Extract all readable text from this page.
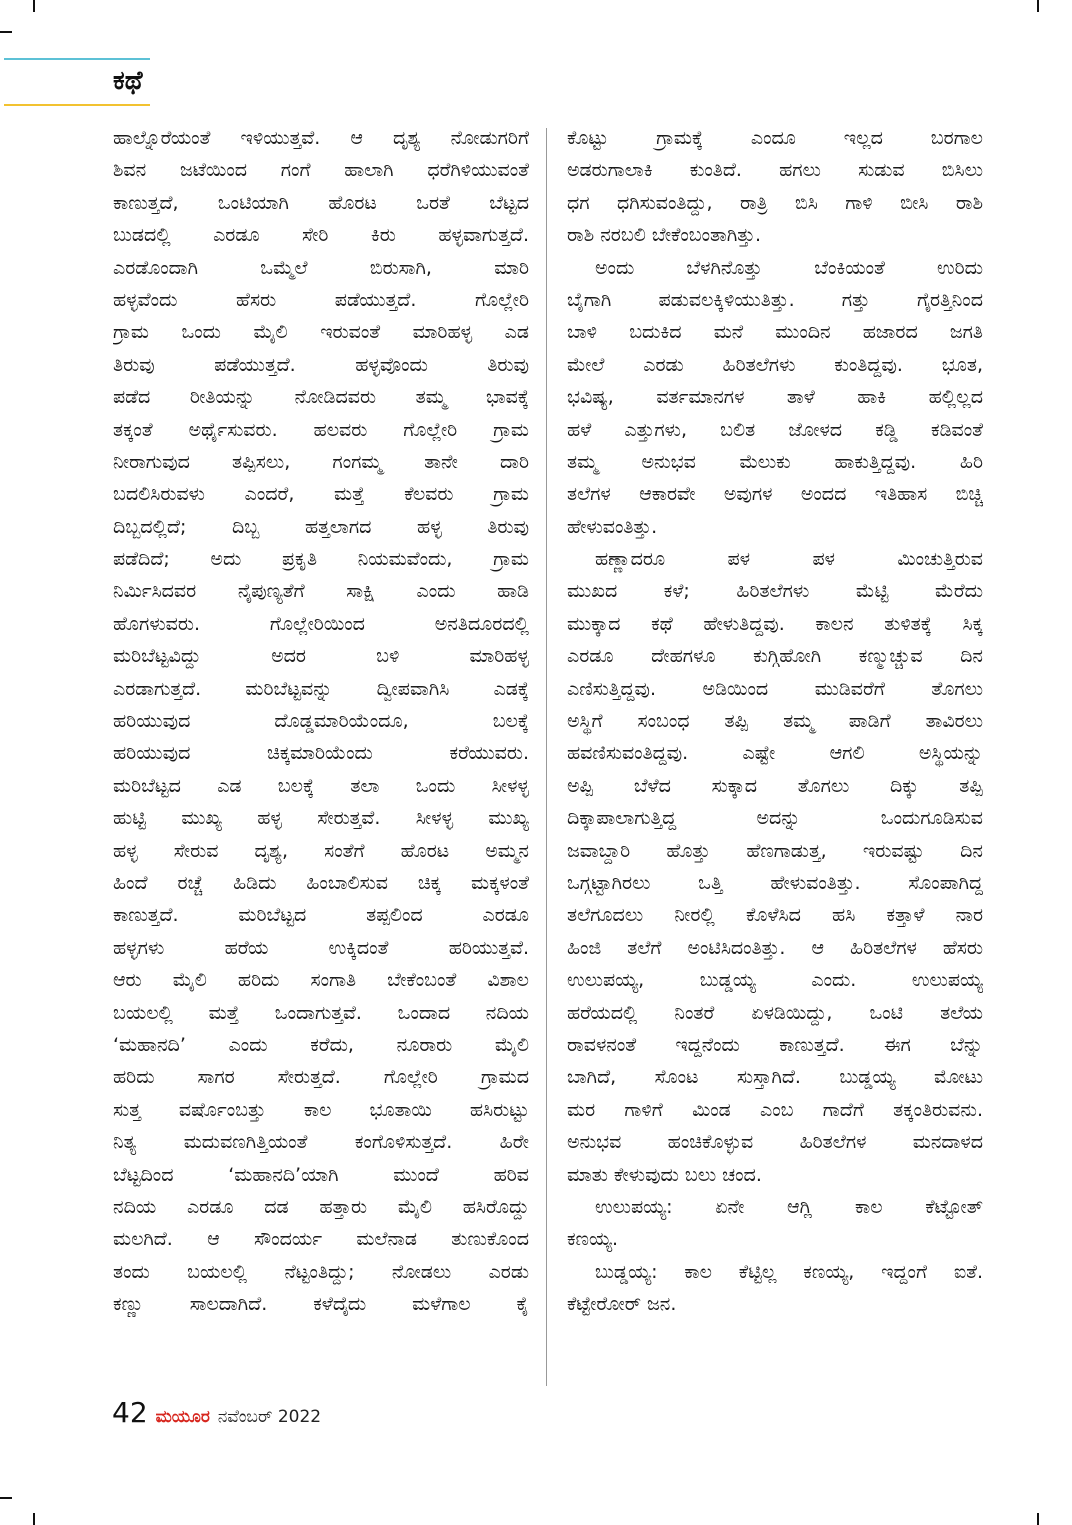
ಕಥೆ
ಹಾಲ್ನೊರೆಯಂತೆ ಇಳಿಯುತ್ತವೆ. ಆ ದೃಶ್ಯ ನೋಡುಗರಿಗೆ
ಶಿವನ ಜಟೆಯಿಂದ ಗಂಗೆ ಹಾಲಾಗಿ ಧರೆಗಿಳಿಯುವಂತೆ
ಕಾಣುತ್ತದೆ, ಒಂಟಿಯಾಗಿ ಹೊರಟ ಒರತೆ ಬೆಟ್ಟದ
ಬುಡದಲ್ಲಿ ಎರಡೂ ಸೇರಿ ಕಿರು ಹಳ್ಳವಾಗುತ್ತದೆ.
ಎರಡೊಂದಾಗಿ ಒಮ್ಮೆಲೆ ಬಿರುಸಾಗಿ, ಮಾರಿ
ಹಳ್ಳವೆಂದು ಹೆಸರು ಪಡೆಯುತ್ತದೆ. ಗೊಲ್ಲೇರಿ
ಗ್ರಾಮ ಒಂದು ಮೈಲಿ ಇರುವಂತೆ ಮಾರಿಹಳ್ಳ ಎಡ
ತಿರುವು ಪಡೆಯುತ್ತದೆ. ಹಳ್ಳವೊಂದು ತಿರುವು
ಪಡೆದ ರೀತಿಯನ್ನು ನೋಡಿದವರು ತಮ್ಮ ಭಾವಕ್ಕೆ
ತಕ್ಕಂತೆ ಅರ್ಥೈಸುವರು. ಹಲವರು ಗೊಲ್ಲೇರಿ ಗ್ರಾಮ
ನೀರಾಗುವುದ ತಪ್ಪಿಸಲು, ಗಂಗಮ್ಮ ತಾನೇ ದಾರಿ
ಬದಲಿಸಿರುವಳು ಎಂದರೆ, ಮತ್ತೆ ಕೆಲವರು ಗ್ರಾಮ
ದಿಬ್ಬದಲ್ಲಿದೆ; ದಿಬ್ಬ ಹತ್ತಲಾಗದ ಹಳ್ಳ ತಿರುವು
ಪಡೆದಿದೆ; ಅದು ಪ್ರಕೃತಿ ನಿಯಮವೆಂದು, ಗ್ರಾಮ
ನಿರ್ಮಿಸಿದವರ ನೈಪುಣ್ಯತೆಗೆ ಸಾಕ್ಷಿ ಎಂದು ಹಾಡಿ
ಹೊಗಳುವರು. ಗೊಲ್ಲೇರಿಯಿಂದ ಅನತಿದೂರದಲ್ಲಿ
ಮರಿಬೆಟ್ಟವಿದ್ದು ಅದರ ಬಳಿ ಮಾರಿಹಳ್ಳ
ಎರಡಾಗುತ್ತದೆ. ಮರಿಬೆಟ್ಟವನ್ನು ದ್ವೀಪವಾಗಿಸಿ ಎಡಕ್ಕೆ
ಹರಿಯುವುದ ದೊಡ್ಡಮಾರಿಯೆಂದೂ, ಬಲಕ್ಕೆ
ಹರಿಯುವುದ ಚಿಕ್ಕಮಾರಿಯೆಂದು ಕರೆಯುವರು.
ಮರಿಬೆಟ್ಟದ ಎಡ ಬಲಕ್ಕೆ ತಲಾ ಒಂದು ಸೀಳಳ್ಳ
ಹುಟ್ಟಿ ಮುಖ್ಯ ಹಳ್ಳ ಸೇರುತ್ತವೆ. ಸೀಳಳ್ಳ ಮುಖ್ಯ
ಹಳ್ಳ ಸೇರುವ ದೃಶ್ಯ, ಸಂತೆಗೆ ಹೊರಟ ಅಮ್ಮನ
ಹಿಂದೆ ರಚ್ಚೆ ಹಿಡಿದು ಹಿಂಬಾಲಿಸುವ ಚಿಕ್ಕ ಮಕ್ಕಳಂತೆ
ಕಾಣುತ್ತದೆ. ಮರಿಬೆಟ್ಟದ ತಪ್ಪಲಿಂದ ಎರಡೂ
ಹಳ್ಳಗಳು ಹರೆಯ ಉಕ್ಕಿದಂತೆ ಹರಿಯುತ್ತವೆ.
ಆರು ಮೈಲಿ ಹರಿದು ಸಂಗಾತಿ ಬೇಕೆಂಬಂತೆ ವಿಶಾಲ
ಬಯಲಲ್ಲಿ ಮತ್ತೆ ಒಂದಾಗುತ್ತವೆ. ಒಂದಾದ ನದಿಯ
‘ಮಹಾನದಿ’ ಎಂದು ಕರೆದು, ನೂರಾರು ಮೈಲಿ
ಹರಿದು ಸಾಗರ ಸೇರುತ್ತದೆ. ಗೊಲ್ಲೇರಿ ಗ್ರಾಮದ
ಸುತ್ತ ವರ್ಷೊಂಬತ್ತು ಕಾಲ ಭೂತಾಯಿ ಹಸಿರುಟ್ಟು
ನಿತ್ಯ ಮದುವಣಗಿತ್ತಿಯಂತೆ ಕಂಗೊಳಿಸುತ್ತದೆ. ಹಿರೇ
ಬೆಟ್ಟದಿಂದ ‘ಮಹಾನದಿ’ಯಾಗಿ ಮುಂದೆ ಹರಿವ
ನದಿಯ ಎರಡೂ ದಡ ಹತ್ತಾರು ಮೈಲಿ ಹಸಿರೊದ್ದು
ಮಲಗಿದೆ. ಆ ಸೌಂದರ್ಯ ಮಲೆನಾಡ ತುಣುಕೊಂದ
ತಂದು ಬಯಲಲ್ಲಿ ನೆಟ್ಟಂತಿದ್ದು; ನೋಡಲು ಎರಡು
ಕಣ್ಣು ಸಾಲದಾಗಿದೆ. ಕಳೆದೈದು ಮಳೆಗಾಲ ಕೈ
ಕೊಟ್ಟು ಗ್ರಾಮಕ್ಕೆ ಎಂದೂ ಇಲ್ಲದ ಬರಗಾಲ
ಅಡರುಗಾಲಾಕಿ ಕುಂತಿದೆ. ಹಗಲು ಸುಡುವ ಬಿಸಿಲು
ಧಗ ಧಗಿಸುವಂತಿದ್ದು, ರಾತ್ರಿ ಬಿಸಿ ಗಾಳಿ ಬೀಸಿ ರಾಶಿ
ರಾಶಿ ನರಬಲಿ ಬೇಕೆಂಬಂತಾಗಿತ್ತು.
ಅಂದು ಬೆಳಗಿನೊತ್ತು ಬೆಂಕಿಯಂತೆ ಉರಿದು
ಬೈಗಾಗಿ ಪಡುವಲಕ್ಕಿಳಿಯುತಿತ್ತು. ಗತ್ತು ಗೈರತ್ತಿನಿಂದ
ಬಾಳಿ ಬದುಕಿದ ಮನೆ ಮುಂದಿನ ಹಜಾರದ ಜಗತಿ
ಮೇಲೆ ಎರಡು ಹಿರಿತಲೆಗಳು ಕುಂತಿದ್ದವು. ಭೂತ,
ಭವಿಷ್ಯ, ವರ್ತಮಾನಗಳ ತಾಳೆ ಹಾಕಿ ಹಲ್ಲಿಲ್ಲದ
ಹಳೆ ಎತ್ತುಗಳು, ಬಲಿತ ಜೋಳದ ಕಡ್ಡಿ ಕಡಿವಂತೆ
ತಮ್ಮ ಅನುಭವ ಮೆಲುಕು ಹಾಕುತ್ತಿದ್ದವು. ಹಿರಿ
ತಲೆಗಳ ಆಕಾರವೇ ಅವುಗಳ ಅಂದದ ಇತಿಹಾಸ ಬಿಚ್ಚಿ
ಹೇಳುವಂತಿತ್ತು.
ಹಣ್ಣಾದರೂ ಪಳ ಪಳ ಮಿಂಚುತ್ತಿರುವ
ಮುಖದ ಕಳೆ; ಹಿರಿತಲೆಗಳು ಮೆಟ್ಟಿ ಮೆರೆದು
ಮುಕ್ಕಾದ ಕಥೆ ಹೇಳುತಿದ್ದವು. ಕಾಲನ ತುಳಿತಕ್ಕೆ ಸಿಕ್ಕ
ಎರಡೂ ದೇಹಗಳೂ ಕುಗ್ಗಿಹೋಗಿ ಕಣ್ಮುಚ್ಚುವ ದಿನ
ಎಣಿಸುತ್ತಿದ್ದವು. ಅಡಿಯಿಂದ ಮುಡಿವರೆಗೆ ತೊಗಲು
ಅಸ್ಥಿಗೆ ಸಂಬಂಧ ತಪ್ಪಿ ತಮ್ಮ ಪಾಡಿಗೆ ತಾವಿರಲು
ಹವಣಿಸುವಂತಿದ್ದವು. ಎಷ್ಟೇ ಆಗಲಿ ಅಸ್ಥಿಯನ್ನು
ಅಪ್ಪಿ ಬೆಳೆದ ಸುಕ್ಕಾದ ತೊಗಲು ದಿಕ್ಕು ತಪ್ಪಿ
ದಿಕ್ಕಾಪಾಲಾಗುತ್ತಿದ್ದ ಅದನ್ನು ಒಂದುಗೂಡಿಸುವ
ಜವಾಬ್ದಾರಿ ಹೊತ್ತು ಹೆಣಗಾಡುತ್ತ, ಇರುವಷ್ಟು ದಿನ
ಒಗ್ಗಟ್ಟಾಗಿರಲು ಒತ್ತಿ ಹೇಳುವಂತಿತ್ತು. ಸೊಂಪಾಗಿದ್ದ
ತಲೆಗೂದಲು ನೀರಲ್ಲಿ ಕೊಳೆಸಿದ ಹಸಿ ಕತ್ತಾಳೆ ನಾರ
ಹಿಂಜಿ ತಲೆಗೆ ಅಂಟಿಸಿದಂತಿತ್ತು. ಆ ಹಿರಿತಲೆಗಳ ಹೆಸರು
ಉಲುಪಯ್ಯ, ಬುಡ್ಡಯ್ಯ ಎಂದು. ಉಲುಪಯ್ಯ
ಹರೆಯದಲ್ಲಿ ನಿಂತರೆ ಏಳಡಿಯಿದ್ದು, ಒಂಟಿ ತಲೆಯ
ರಾವಳನಂತೆ ಇದ್ದನೆಂದು ಕಾಣುತ್ತದೆ. ಈಗ ಬೆನ್ನು
ಬಾಗಿದೆ, ಸೊಂಟ ಸುಸ್ತಾಗಿದೆ. ಬುಡ್ಡಯ್ಯ ಮೋಟು
ಮರ ಗಾಳಿಗೆ ಮಿಂಡ ಎಂಬ ಗಾದೆಗೆ ತಕ್ಕಂತಿರುವನು.
ಅನುಭವ ಹಂಚಿಕೊಳ್ಳುವ ಹಿರಿತಲೆಗಳ ಮನದಾಳದ
ಮಾತು ಕೇಳುವುದು ಬಲು ಚಂದ.
ಉಲುಪಯ್ಯ: ಏನೇ ಆಗ್ಲಿ ಕಾಲ ಕೆಟ್ಟೋತ್
ಕಣಯ್ಯ.
ಬುಡ್ಡಯ್ಯ: ಕಾಲ ಕೆಟ್ಟಿಲ್ಲ ಕಣಯ್ಯ, ಇದ್ದಂಗೆ ಐತೆ.
ಕೆಟ್ಟೇರೋರ್ ಜನ.
42 ಮಯೂರ ನವೆಂಬರ್ 2022
